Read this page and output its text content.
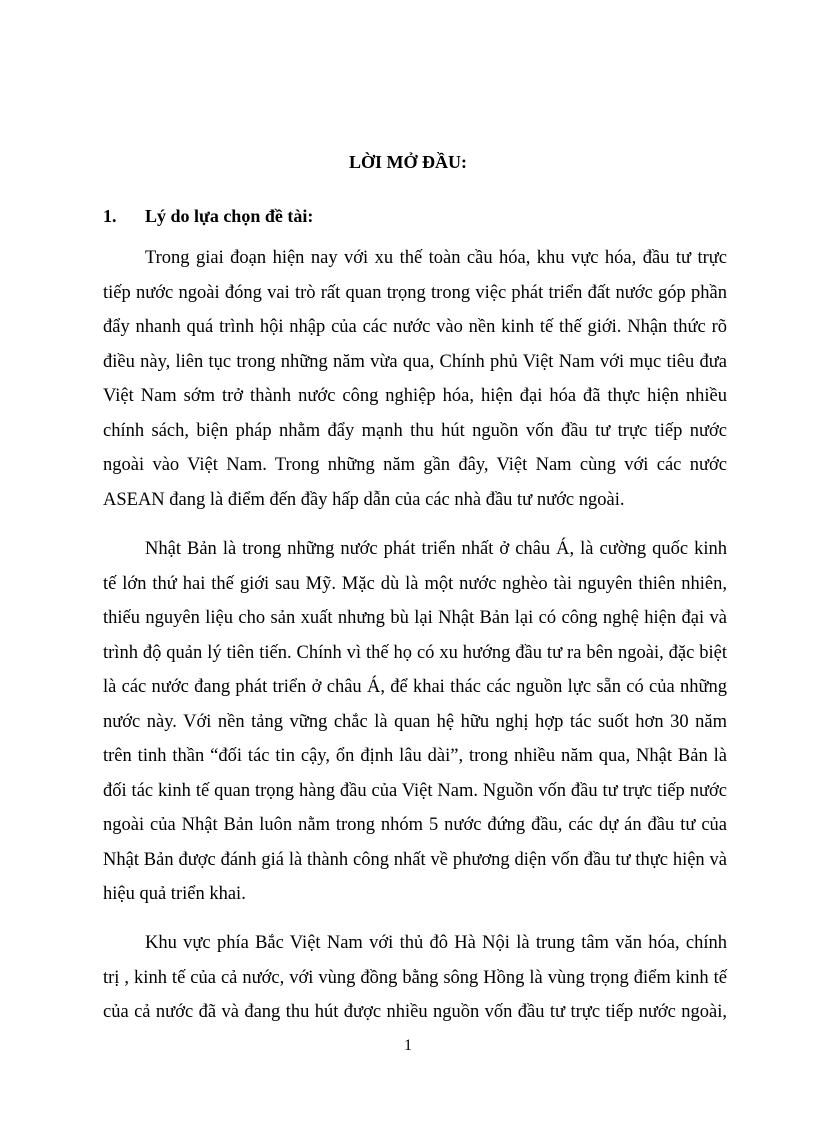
LỜI MỞ ĐẦU:
1. Lý do lựa chọn đề tài:
Trong giai đoạn hiện nay với xu thế toàn cầu hóa, khu vực hóa, đầu tư trực
tiếp nước ngoài đóng vai trò rất quan trọng trong việc phát triển đất nước góp phần
đẩy nhanh quá trình hội nhập của các nước vào nền kinh tế thế giới. Nhận thức rõ
điều này, liên tục trong những năm vừa qua, Chính phủ Việt Nam với mục tiêu đưa
Việt Nam sớm trở thành nước công nghiệp hóa, hiện đại hóa đã thực hiện nhiều
chính sách, biện pháp nhằm đẩy mạnh thu hút nguồn vốn đầu tư trực tiếp nước
ngoài vào Việt Nam. Trong những năm gần đây, Việt Nam cùng với các nước
ASEAN đang là điểm đến đầy hấp dẫn của các nhà đầu tư nước ngoài.
Nhật Bản là trong những nước phát triển nhất ở châu Á, là cường quốc kinh
tế lớn thứ hai thế giới sau Mỹ. Mặc dù là một nước nghèo tài nguyên thiên nhiên,
thiếu nguyên liệu cho sản xuất nhưng bù lại Nhật Bản lại có công nghệ hiện đại và
trình độ quản lý tiên tiến. Chính vì thế họ có xu hướng đầu tư ra bên ngoài, đặc biệt
là các nước đang phát triển ở châu Á, để khai thác các nguồn lực sẵn có của những
nước này. Với nền tảng vững chắc là quan hệ hữu nghị hợp tác suốt hơn 30 năm
trên tinh thần “đối tác tin cậy, ổn định lâu dài”, trong nhiều năm qua, Nhật Bản là
đối tác kinh tế quan trọng hàng đầu của Việt Nam. Nguồn vốn đầu tư trực tiếp nước
ngoài của Nhật Bản luôn nằm trong nhóm 5 nước đứng đầu, các dự án đầu tư của
Nhật Bản được đánh giá là thành công nhất về phương diện vốn đầu tư thực hiện và
hiệu quả triển khai.
Khu vực phía Bắc Việt Nam với thủ đô Hà Nội là trung tâm văn hóa, chính
trị , kinh tế của cả nước, với vùng đồng bằng sông Hồng là vùng trọng điểm kinh tế
của cả nước đã và đang thu hút được nhiều nguồn vốn đầu tư trực tiếp nước ngoài,
1
